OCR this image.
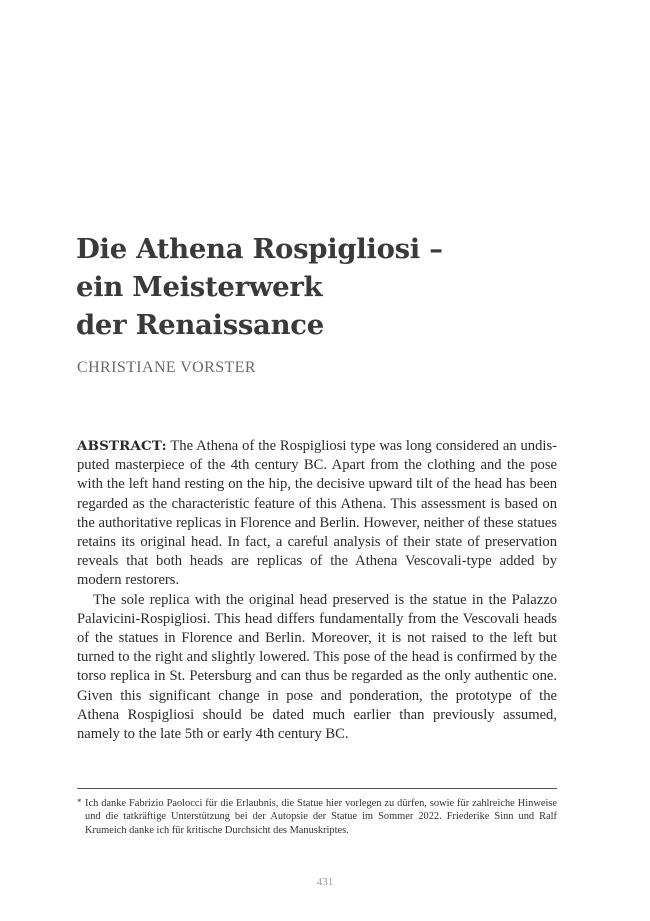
Die Athena Rospigliosi –
ein Meisterwerk
der Renaissance

CHRISTIANE VORSTER

ABSTRACT: The Athena of the Rospigliosi type was long considered an undisputed masterpiece of the 4th century BC. Apart from the clothing and the pose with the left hand resting on the hip, the decisive upward tilt of the head has been regarded as the characteristic feature of this Athena. This assessment is based on the authoritative replicas in Florence and Berlin. However, neither of these statues retains its original head. In fact, a careful analysis of their state of preservation reveals that both heads are replicas of the Athena Vescovali-type added by modern restorers.

The sole replica with the original head preserved is the statue in the Palazzo Palavicini-Rospigliosi. This head differs fundamentally from the Vescovali heads of the statues in Florence and Berlin. Moreover, it is not raised to the left but turned to the right and slightly lowered. This pose of the head is confirmed by the torso replica in St. Petersburg and can thus be regarded as the only authentic one. Given this significant change in pose and ponderation, the prototype of the Athena Rospigliosi should be dated much earlier than previously assumed, namely to the late 5th or early 4th century BC.

* Ich danke Fabrizio Paolocci für die Erlaubnis, die Statue hier vorlegen zu dürfen, sowie für zahlreiche Hinweise und die tatkräftige Unterstützung bei der Autopsie der Statue im Sommer 2022. Friederike Sinn und Ralf Krumeich danke ich für kritische Durchsicht des Manuskriptes.
431
